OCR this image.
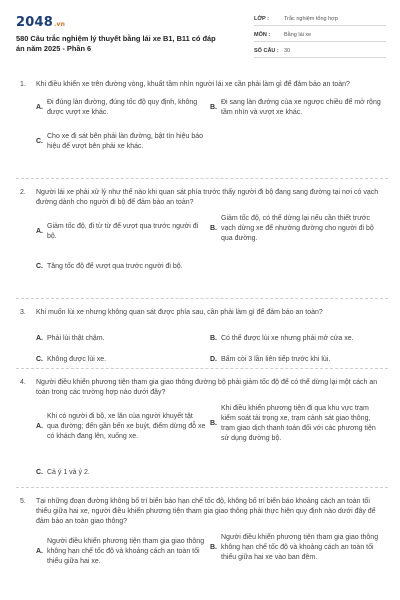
2048.vn
580 Câu trắc nghiệm lý thuyết bằng lái xe B1, B11 có đáp án năm 2025 - Phần 6
LỚP :	Trắc nghiệm tổng hợp
MÔN :	Bằng lái xe
SỐ CÂU : 30
1.	Khi điều khiển xe trên đường vòng, khuất tầm nhìn người lái xe cần phải làm gì để đảm bảo an toàn?
A.
Đi đúng làn đường, đúng tốc độ quy định, không được vượt xe khác.
B.
Đi sang làn đường của xe ngược chiều để mở rộng tầm nhìn và vượt xe khác.
C.
Cho xe đi sát bên phải làn đường, bật tín hiệu báo hiệu để vượt bên phải xe khác.
2.	Người lái xe phải xử lý như thế nào khi quan sát phía trước thấy người đi bộ đang sang đường tại nơi có vạch đường dành cho người đi bộ để đảm bảo an toàn?
A.
Giảm tốc độ, đi từ từ để vượt qua trước người đi bộ.
B.
Giảm tốc độ, có thể dừng lại nếu cần thiết trước vạch dừng xe để nhường đường cho người đi bộ qua đường.
C. Tăng tốc độ để vượt qua trước người đi bộ.
3.	Khi muốn lùi xe nhưng không quan sát được phía sau, cần phải làm gì để đảm bảo an toàn?
A. Phải lùi thật chậm.	B. Có thể được lùi xe nhưng phải mở cửa xe.
C. Không được lùi xe.	D. Bấm còi 3 lần liên tiếp trước khi lùi.
4.	Người điều khiển phương tiện tham gia giao thông đường bộ phải giảm tốc độ để có thể dừng lại một cách an toàn trong các trường hợp nào dưới đây?
A.
Khi có người đi bộ, xe lăn của người khuyết tật qua đường; đến gần bến xe buýt, điểm dừng đỗ xe có khách đang lên, xuống xe.
B.
Khi điều khiển phương tiện đi qua khu vực trạm kiểm soát tải trọng xe, trạm cảnh sát giao thông, trạm giao dịch thanh toán đối với các phương tiện sử dụng đường bộ.
C. Cả ý 1 và ý 2.
5.	Tại những đoạn đường không bố trí biển báo hạn chế tốc độ, không bố trí biển báo khoảng cách an toàn tối thiểu giữa hai xe, người điều khiển phương tiện tham gia giao thông phải thực hiện quy định nào dưới đây để đảm bảo an toàn giao thông?
A.
Người điều khiển phương tiện tham gia giao thông không hạn chế tốc độ và khoảng cách an toàn tối thiểu giữa hai xe.
B.
Người điều khiển phương tiện tham gia giao thông không hạn chế tốc độ và khoảng cách an toàn tối thiểu giữa hai xe vào ban đêm.
